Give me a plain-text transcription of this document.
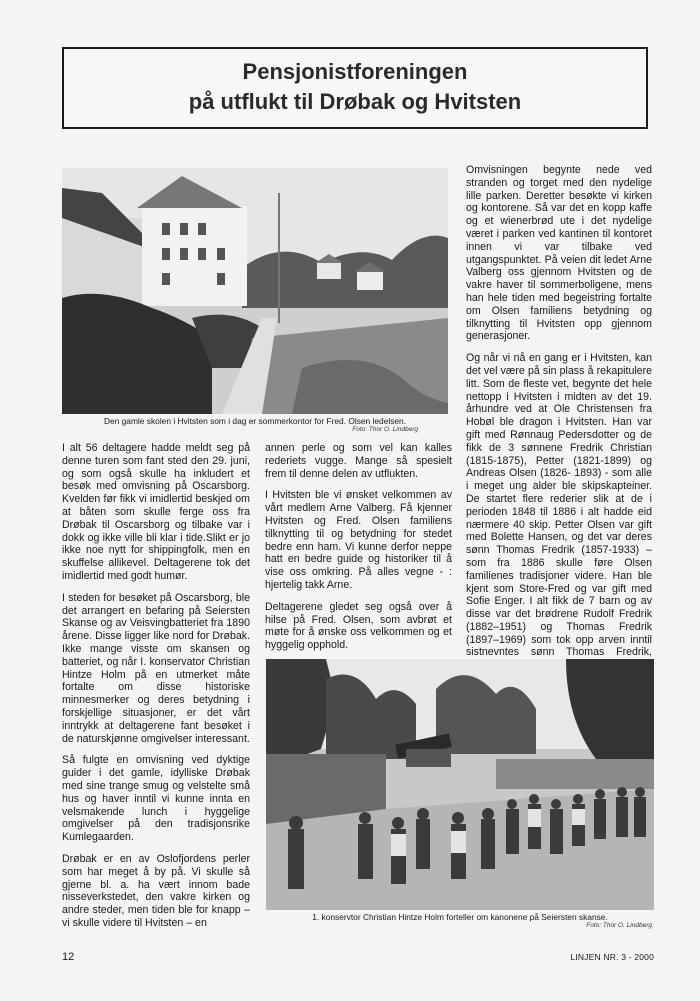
Pensjonistforeningen
på utflukt til Drøbak og Hvitsten
Den gamle skolen i Hvitsten som i dag er sommerkontor for Fred. Olsen ledelsen.
Foto: Thor O. Lindberg

I alt 56 deltagere hadde meldt seg på denne turen som fant sted den 29. juni, og som også skulle ha inkludert et besøk med omvisning på Oscarsborg. Kvelden før fikk vi imidlertid beskjed om at båten som skulle ferge oss fra Drøbak til Oscarsborg og tilbake var i dokk og ikke ville bli klar i tide.Slikt er jo ikke noe nytt for shippingfolk, men en skuffelse allikevel. Deltagerene tok det imidlertid med godt humør.

I steden for besøket på Oscarsborg, ble det arrangert en befaring på Seiersten Skanse og av Veisvingbatteriet fra 1890 årene. Disse ligger like nord for Drøbak. Ikke mange visste om skansen og batteriet, og når I. konservator Christian Hintze Holm på en utmerket måte fortalte om disse historiske minnesmerker og deres betydning i forskjellige situasjoner, er det vårt inntrykk at deltagerene fant besøket i de naturskjønne omgivelser interessant.

Så fulgte en omvisning ved dyktige guider i det gamle, idylliske Drøbak med sine trange smug og velstelte små hus og haver inntil vi kunne innta en velsmakende lunch i hyggelige omgivelser på den tradisjonsrike Kumlegaarden.

Drøbak er en av Oslofjordens perler som har meget å by på. Vi skulle så gjerne bl. a. ha vært innom bade nisseverkstedet, den vakre kirken og andre steder, men tiden ble for knapp – vi skulle videre til Hvitsten – en

annen perle og som vel kan kalles rederiets vugge. Mange så spesielt frem til denne delen av utflukten.

I Hvitsten ble vi ønsket velkommen av vårt medlem Arne Valberg. Få kjenner Hvitsten og Fred. Olsen familiens tilknytting til og betydning for stedet bedre enn ham. Vi kunne derfor neppe hatt en bedre guide og historiker til å vise oss omkring. På alles vegne - : hjertelig takk Arne.

Deltagerene gledet seg også over å hilse på Fred. Olsen, som avbrøt et møte for å ønske oss velkommen og et hyggelig opphold.

Omvisningen begynte nede ved stranden og torget med den nydelige lille parken. Deretter besøkte vi kirken og kontorene. Så var det en kopp kaffe og et wienerbrød ute i det nydelige været i parken ved kantinen til kontoret innen vi var tilbake ved utgangspunktet. På veien dit ledet Arne Valberg oss gjennom Hvitsten og de vakre haver til sommerboligene, mens han hele tiden med begeistring fortalte om Olsen familiens betydning og tilknytting til Hvitsten opp gjennom generasjoner.

Og når vi nå en gang er i Hvitsten, kan det vel være på sin plass å rekapitulere litt. Som de fleste vet, begynte det hele nettopp i Hvitsten i midten av det 19. århundre ved at Ole Christensen fra Hobøl ble dragon i Hvitsten. Han var gift med Rønnaug Pedersdotter og de fikk de 3 sønnene Fredrik Christian (1815-1875), Petter (1821-1899) og Andreas Olsen (1826- 1893) - som alle i meget ung alder ble skipskapteiner. De startet flere rederier slik at de i perioden 1848 til 1886 i alt hadde eid nærmere 40 skip. Petter Olsen var gift med Bolette Hansen, og det var deres sønn Thomas Fredrik (1857-1933) – som fra 1886 skulle føre Olsen familienes tradisjoner videre. Han ble kjent som Store-Fred og var gift med Sofie Enger. I alt fikk de 7 barn og av disse var det brødrene Rudolf Fredrik (1882–1951) og Thomas Fredrik (1897–1969) som tok opp arven inntil sistnevntes sønn Thomas Fredrik,

1. konservtor Christian Hintze Holm forteller om kanonene på Seiersten skanse.
Foto: Thor O. Lindberg
12	LINJEN NR. 3 - 2000
